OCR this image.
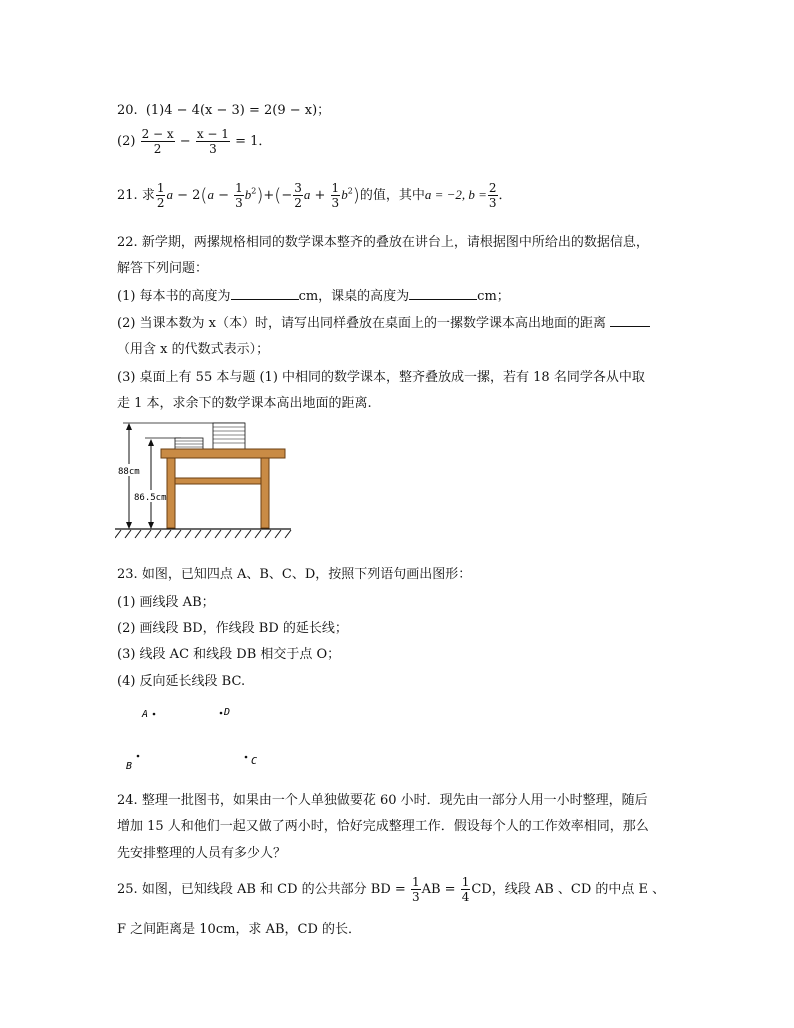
20. (1)4 − 4(x − 3) = 2(9 − x)；
$(2) \frac{2 - x}{2} - \frac{x - 1}{3} = 1$．
21. 求 $\frac{1}{2}$ $a - 2(a - \frac{1}{3} b^2)+(- \frac{3}{2}$ $a + \frac{1}{3} b^2$)的值，其中a = −2, $b = \frac{2}{3}$ ．
22. 新学期，两摞规格相同的数学课本整齐的叠放在讲台上，请根据图中所给出的数据信息，
解答下列问题：
(1) 每本书的高度为	cm，课桌的高度为	cm；
(2) 当课本数为 x（本）时，请写出同样叠放在桌面上的一摞数学课本高出地面的距离
（用含 x 的代数式表示）；
(3) 桌面上有 55 本与题 (1) 中相同的数学课本，整齐叠放成一摞，若有 18 名同学各从中取
走 1 本，求余下的数学课本高出地面的距离.
88cm
86.5cm
23. 如图，已知四点 A、B、C、D，按照下列语句画出图形：
(1) 画线段 AB；
(2) 画线段 BD，作线段 BD 的延长线；
(3) 线段 AC 和线段 DB 相交于点 O；
(4) 反向延长线段 BC.
A	D
B	C
24. 整理一批图书，如果由一个人单独做要花 60 小时．现先由一部分人用一小时整理，随后
增加 15 人和他们一起又做了两小时，恰好完成整理工作．假设每个人的工作效率相同，那么
先安排整理的人员有多少人？
25. 如图，已知线段 AB 和 CD 的公共部分 BD = $\frac{1}{3}$ AB = $\frac{1}{4}$ CD，线段 AB 、CD 的中点 E 、
F 之间距离是 10cm，求 AB，CD 的长．
